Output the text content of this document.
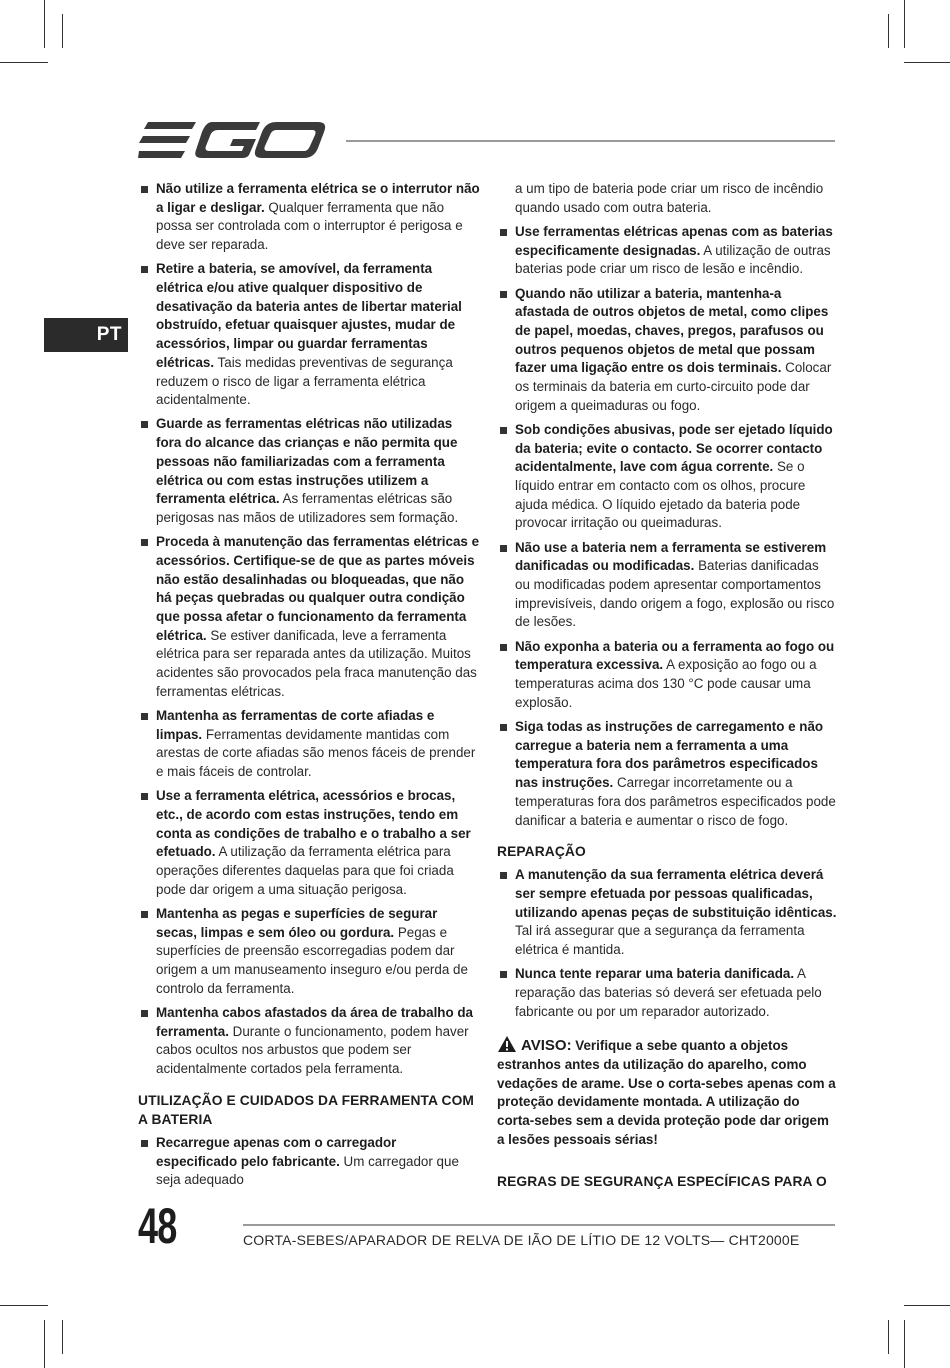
PT
Não utilize a ferramenta elétrica se o interrutor não a ligar e desligar. Qualquer ferramenta que não possa ser controlada com o interruptor é perigosa e deve ser reparada.
Retire a bateria, se amovível, da ferramenta elétrica e/ou ative qualquer dispositivo de desativação da bateria antes de libertar material obstruído, efetuar quaisquer ajustes, mudar de acessórios, limpar ou guardar ferramentas elétricas. Tais medidas preventivas de segurança reduzem o risco de ligar a ferramenta elétrica acidentalmente.
Guarde as ferramentas elétricas não utilizadas fora do alcance das crianças e não permita que pessoas não familiarizadas com a ferramenta elétrica ou com estas instruções utilizem a ferramenta elétrica. As ferramentas elétricas são perigosas nas mãos de utilizadores sem formação.
Proceda à manutenção das ferramentas elétricas e acessórios. Certifique-se de que as partes móveis não estão desalinhadas ou bloqueadas, que não há peças quebradas ou qualquer outra condição que possa afetar o funcionamento da ferramenta elétrica. Se estiver danificada, leve a ferramenta elétrica para ser reparada antes da utilização. Muitos acidentes são provocados pela fraca manutenção das ferramentas elétricas.
Mantenha as ferramentas de corte afiadas e limpas. Ferramentas devidamente mantidas com arestas de corte afiadas são menos fáceis de prender e mais fáceis de controlar.
Use a ferramenta elétrica, acessórios e brocas, etc., de acordo com estas instruções, tendo em conta as condições de trabalho e o trabalho a ser efetuado. A utilização da ferramenta elétrica para operações diferentes daquelas para que foi criada pode dar origem a uma situação perigosa.
Mantenha as pegas e superfícies de segurar secas, limpas e sem óleo ou gordura. Pegas e superfícies de preensão escorregadias podem dar origem a um manuseamento inseguro e/ou perda de controlo da ferramenta.
Mantenha cabos afastados da área de trabalho da ferramenta. Durante o funcionamento, podem haver cabos ocultos nos arbustos que podem ser acidentalmente cortados pela ferramenta.
UTILIZAÇÃO E CUIDADOS DA FERRAMENTA COM A BATERIA
Recarregue apenas com o carregador especificado pelo fabricante. Um carregador que seja adequado
a um tipo de bateria pode criar um risco de incêndio quando usado com outra bateria.
Use ferramentas elétricas apenas com as baterias especificamente designadas. A utilização de outras baterias pode criar um risco de lesão e incêndio.
Quando não utilizar a bateria, mantenha-a afastada de outros objetos de metal, como clipes de papel, moedas, chaves, pregos, parafusos ou outros pequenos objetos de metal que possam fazer uma ligação entre os dois terminais. Colocar os terminais da bateria em curto-circuito pode dar origem a queimaduras ou fogo.
Sob condições abusivas, pode ser ejetado líquido da bateria; evite o contacto. Se ocorrer contacto acidentalmente, lave com água corrente. Se o líquido entrar em contacto com os olhos, procure ajuda médica. O líquido ejetado da bateria pode provocar irritação ou queimaduras.
Não use a bateria nem a ferramenta se estiverem danificadas ou modificadas. Baterias danificadas ou modificadas podem apresentar comportamentos imprevisíveis, dando origem a fogo, explosão ou risco de lesões.
Não exponha a bateria ou a ferramenta ao fogo ou temperatura excessiva. A exposição ao fogo ou a temperaturas acima dos 130 °C pode causar uma explosão.
Siga todas as instruções de carregamento e não carregue a bateria nem a ferramenta a uma temperatura fora dos parâmetros especificados nas instruções. Carregar incorretamente ou a temperaturas fora dos parâmetros especificados pode danificar a bateria e aumentar o risco de fogo.
REPARAÇÃO
A manutenção da sua ferramenta elétrica deverá ser sempre efetuada por pessoas qualificadas, utilizando apenas peças de substituição idênticas. Tal irá assegurar que a segurança da ferramenta elétrica é mantida.
Nunca tente reparar uma bateria danificada. A reparação das baterias só deverá ser efetuada pelo fabricante ou por um reparador autorizado.
AVISO: Verifique a sebe quanto a objetos estranhos antes da utilização do aparelho, como vedações de arame. Use o corta-sebes apenas com a proteção devidamente montada. A utilização do corta-sebes sem a devida proteção pode dar origem a lesões pessoais sérias!
REGRAS DE SEGURANÇA ESPECÍFICAS PARA O
48	CORTA-SEBES/APARADOR DE RELVA DE IÃO DE LÍTIO DE 12 VOLTS— CHT2000E
